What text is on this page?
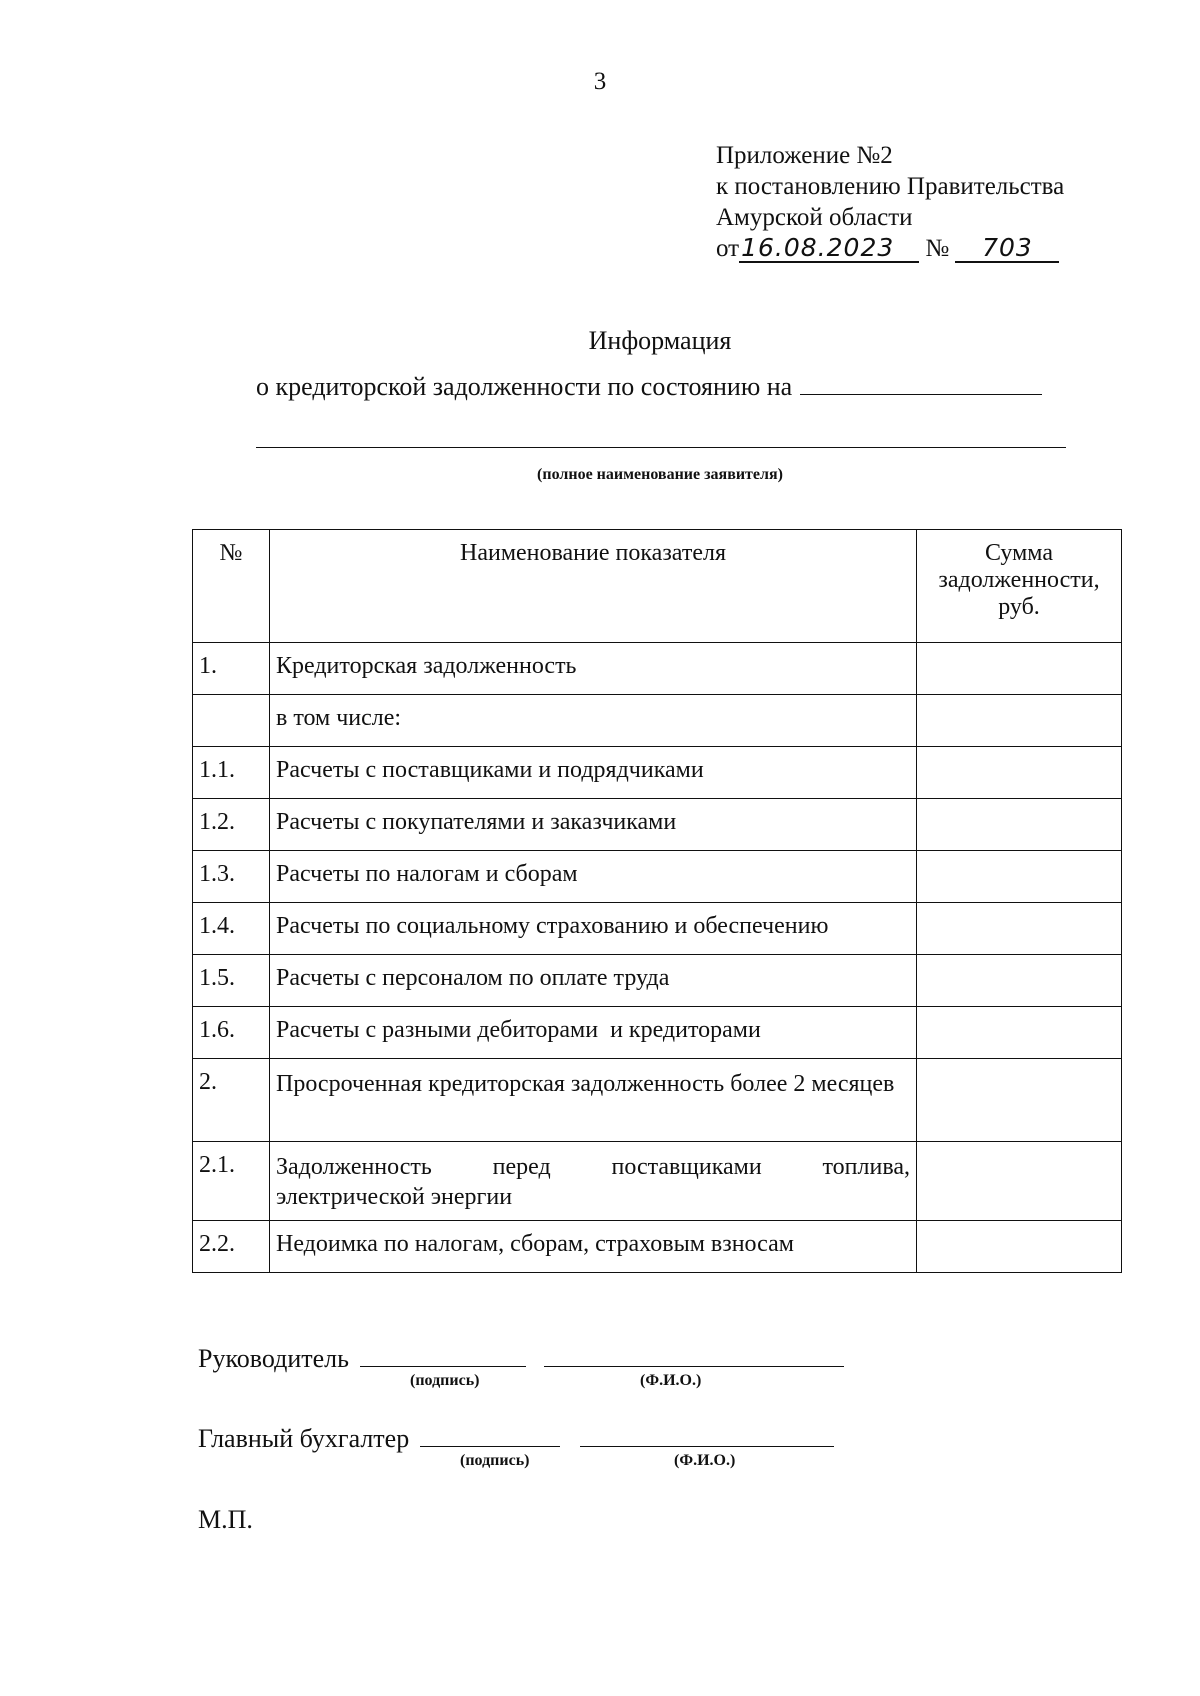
3
Приложение №2
к постановлению Правительства
Амурской области
от16.08.2023 № 703
Информация
о кредиторской задолженности по состоянию на
(полное наименование заявителя)
№	Наименование показателя	Сумма
задолженности,
руб.

1.	Кредиторская задолженность	
	в том числе:	
1.1.	Расчеты с поставщиками и подрядчиками	
1.2.	Расчеты с покупателями и заказчиками	
1.3.	Расчеты по налогам и сборам	
1.4.	Расчеты по социальному страхованию и обеспечению	
1.5.	Расчеты с персоналом по оплате труда	
1.6.	Расчеты с разными дебиторами  и кредиторами	
2.	Просроченная кредиторская задолженность более 2 месяцев	
2.1.	Задолженность перед поставщиками топлива,
электрической энергии	

2.2.	Недоимка по налогам, сборам, страховым взносам	
Руководитель
(подпись)	(Ф.И.О.)
Главный бухгалтер
(подпись)	(Ф.И.О.)
М.П.
